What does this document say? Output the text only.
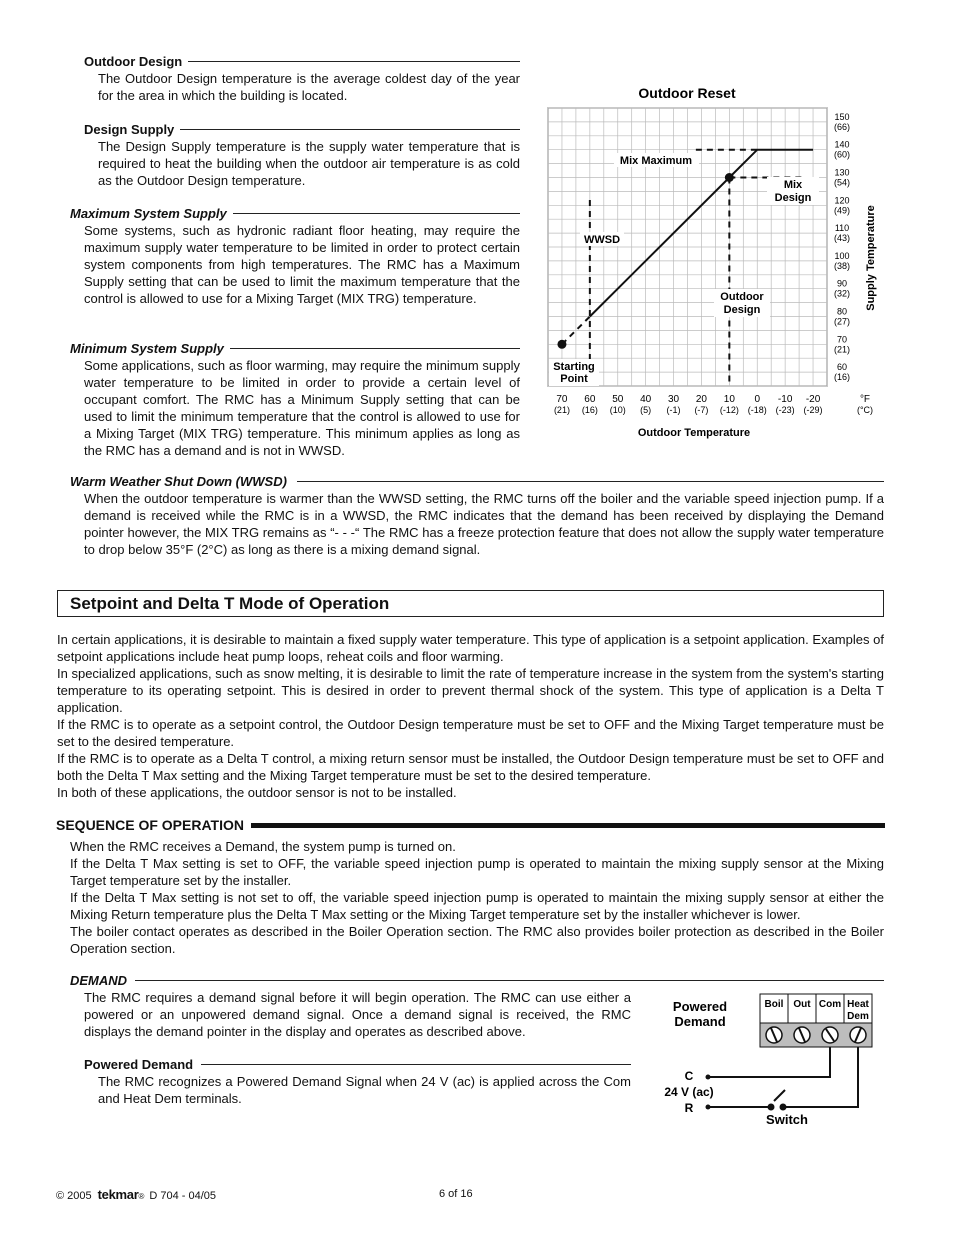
Outdoor Design

The Outdoor Design temperature is the average coldest day of the year for the area in which the building is located.

Design Supply

The Design Supply temperature is the supply water temperature that is required to heat the building when the outdoor air temperature is as cold as the Outdoor Design temperature.

Maximum System Supply

Some systems, such as hydronic radiant floor heating, may require the maximum supply water temperature to be limited in order to protect certain system components from high temperatures. The RMC has a Maximum Supply setting that can be used to limit the maximum temperature that the control is allowed to use for a Mixing Target (MIX TRG) temperature.

Minimum System Supply

Some applications, such as floor warming, may require the minimum supply water temperature to be limited in order to provide a certain level of occupant comfort. The RMC has a Minimum Supply setting that can be used to limit the minimum temperature that the control is allowed to use for a Mixing Target (MIX TRG) temperature. This minimum applies as long as the RMC has a demand and is not in WWSD.

Outdoor Reset
70
(21)
60
(16)
50
(10)
40
(5)
30
(-1)
20
(-7)
10
(-12)
0
(-18)
-10
(-23)
-20
(-29)
°F
(°C)
150
(66)
140
(60)
130
(54)
120
(49)
110
(43)
100
(38)
90
(32)
80
(27)
70
(21)
60
(16)
Mix Maximum
Mix
Design
WWSD
Outdoor
Design
Starting
Point
Outdoor Temperature
Supply Temperature
Warm Weather Shut Down (WWSD)

When the outdoor temperature is warmer than the WWSD setting, the RMC turns off the boiler and the variable speed injection pump. If a demand is received while the RMC is in a WWSD, the RMC indicates that the demand has been received by displaying the Demand pointer however, the MIX TRG remains as “- - -“ The RMC has a freeze protection feature that does not allow the supply water temperature to drop below 35°F (2°C) as long as there is a mixing demand signal.

Setpoint and Delta T Mode of Operation

In certain applications, it is desirable to maintain a fixed supply water temperature. This type of application is a setpoint application. Examples of setpoint applications include heat pump loops, reheat coils and floor warming.

In specialized applications, such as snow melting, it is desirable to limit the rate of temperature increase in the system from the system's starting temperature to its operating setpoint. This is desired in order to prevent thermal shock of the system. This type of application is a Delta T application.

If the RMC is to operate as a setpoint control, the Outdoor Design temperature must be set to OFF and the Mixing Target temperature must be set to the desired temperature.

If the RMC is to operate as a Delta T control, a mixing return sensor must be installed, the Outdoor Design temperature must be set to OFF and both the Delta T Max setting and the Mixing Target temperature must be set to the desired temperature.

In both of these applications, the outdoor sensor is not to be installed.

SEQUENCE OF OPERATION

When the RMC receives a Demand, the system pump is turned on.

If the Delta T Max setting is set to OFF, the variable speed injection pump is operated to maintain the mixing supply sensor at the Mixing Target temperature set by the installer.

If the Delta T Max setting is not set to off, the variable speed injection pump is operated to maintain the mixing supply sensor at either the Mixing Return temperature plus the Delta T Max setting or the Mixing Target temperature set by the installer whichever is lower.

The boiler contact operates as described in the Boiler Operation section. The RMC also provides boiler protection as described in the Boiler Operation section.

DEMAND

The RMC requires a demand signal before it will begin operation. The RMC can use either a powered or an unpowered demand signal. Once a demand signal is received, the RMC displays the demand pointer in the display and operates as described above.

Powered Demand

The RMC recognizes a Powered Demand Signal when 24 V (ac) is applied across the Com and Heat Dem terminals.

Powered
Demand
Boil Out Com Heat
Dem
C
24 V (ac)
R
Switch
© 2005 tekmar ® D 704 - 04/05	6 of 16
